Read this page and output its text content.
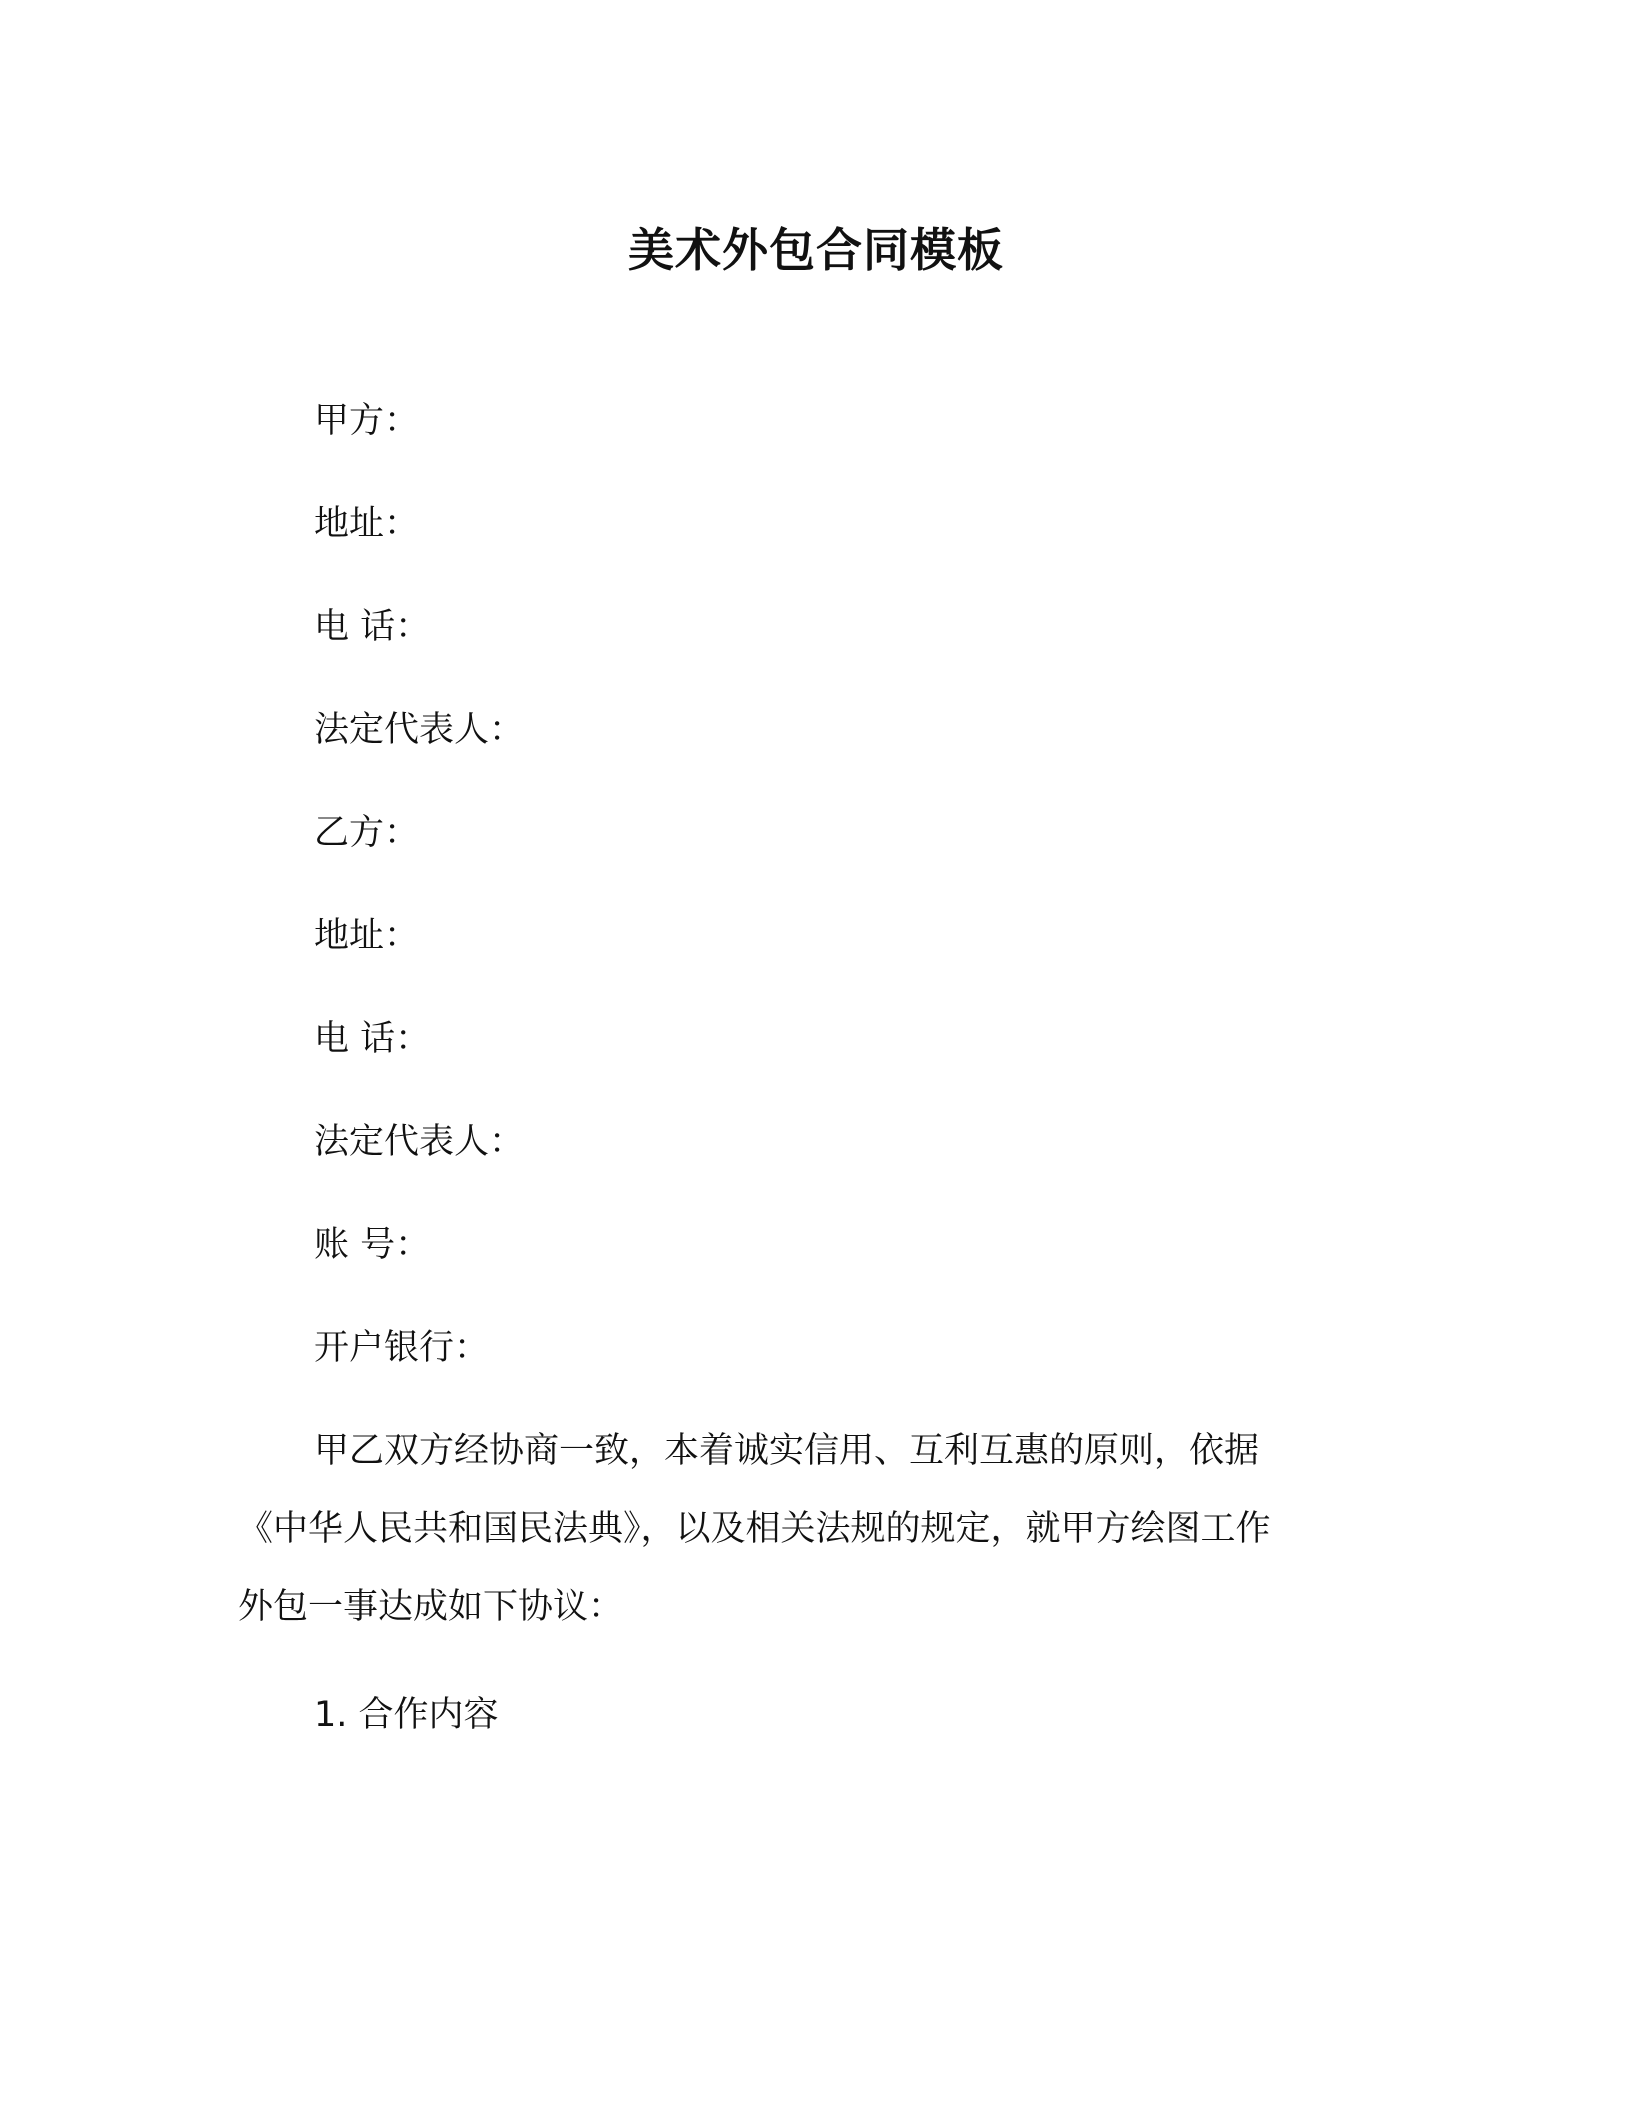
美术外包合同模板
甲方：
地址：
电 话：
法定代表人：
乙方：
地址：
电 话：
法定代表人：
账 号：
开户银行：
甲乙双方经协商一致，本着诚实信用、互利互惠的原则，依据
《中华人民共和国民法典》，以及相关法规的规定，就甲方绘图工作
外包一事达成如下协议：
1. 合作内容
